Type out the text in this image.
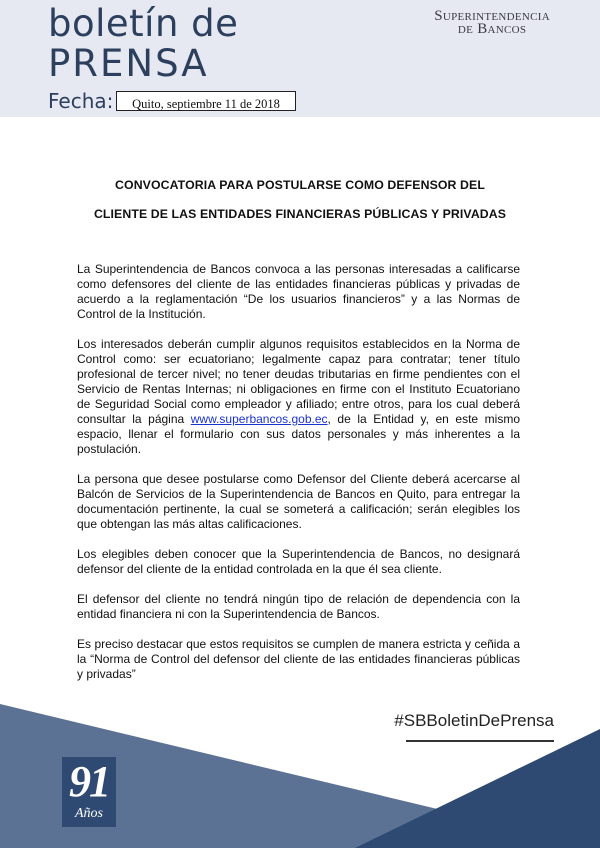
boletín de
PRENSA
Fecha:	Quito, septiembre 11 de 2018
Superintendencia
de Bancos
CONVOCATORIA PARA POSTULARSE COMO DEFENSOR DEL
CLIENTE DE LAS ENTIDADES FINANCIERAS PÚBLICAS Y PRIVADAS

La Superintendencia de Bancos convoca a las personas interesadas a calificarse como defensores del cliente de las entidades financieras públicas y privadas de acuerdo a la reglamentación “De los usuarios financieros” y a las Normas de Control de la Institución.

Los interesados deberán cumplir algunos requisitos establecidos en la Norma de Control como: ser ecuatoriano; legalmente capaz para contratar; tener título profesional de tercer nivel; no tener deudas tributarias en firme pendientes con el Servicio de Rentas Internas; ni obligaciones en firme con el Instituto Ecuatoriano de Seguridad Social como empleador y afiliado; entre otros, para los cual deberá consultar la página www.superbancos.gob.ec, de la Entidad y, en este mismo espacio, llenar el formulario con sus datos personales y más inherentes a la postulación.

La persona que desee postularse como Defensor del Cliente deberá acercarse al Balcón de Servicios de la Superintendencia de Bancos en Quito, para entregar la documentación pertinente, la cual se someterá a calificación; serán elegibles los que obtengan las más altas calificaciones.

Los elegibles deben conocer que la Superintendencia de Bancos, no designará defensor del cliente de la entidad controlada en la que él sea cliente.

El defensor del cliente no tendrá ningún tipo de relación de dependencia con la entidad financiera ni con la Superintendencia de Bancos.

Es preciso destacar que estos requisitos se cumplen de manera estricta y ceñida a la “Norma de Control del defensor del cliente de las entidades financieras públicas y privadas”

#SBBoletinDePrensa
91
Años
